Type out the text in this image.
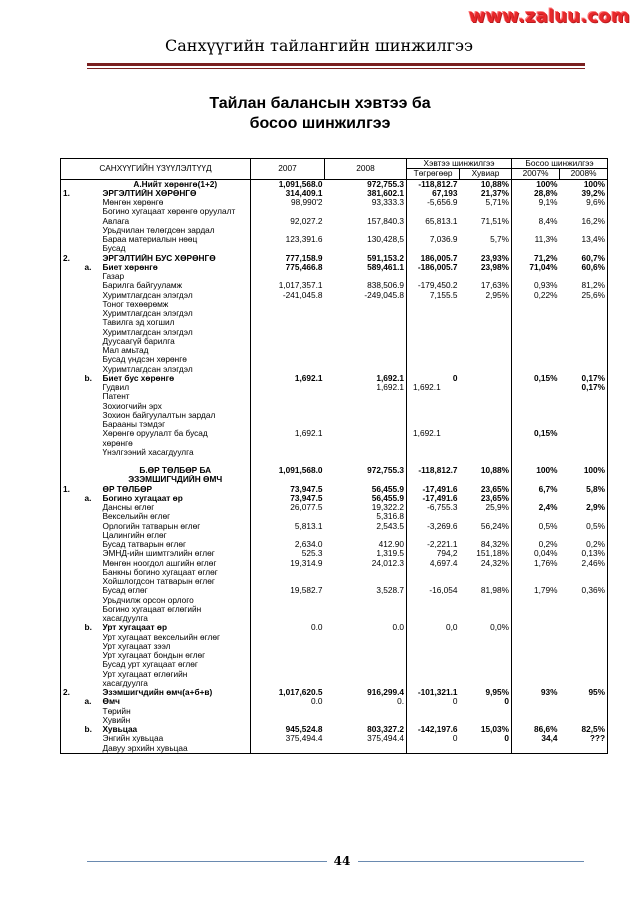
www.zaluu.com
Санхүүгийн тайлангийн шинжилгээ
Тайлан балансын хэвтээ ба
босоо шинжилгээ
САНХҮҮГИЙН ҮЗҮҮЛЭЛТҮҮД			2007	2008	Хэвтээ шинжилгээ		Босоо шинжилгээ	
					Төгрөгөөр	Хувиар	2007%	2008%
		А.Нийт хөрөнгө(1+2)	1,091,568.0	972,755.3	-118,812.7	10,88%	100%	100%
1.		ЭРГЭЛТИЙН ХӨРӨНГӨ	314,409.1	381,602.1	67,193	21,37%	28,8%	39,2%
		Мөнгөн хөрөнгө	98,990'2	93,333.3	-5,656.9	5,71%	9,1%	9,6%
		Богино хугацаат хөрөнгө оруулалт						
		Авлага	92,027.2	157,840.3	65,813.1	71,51%	8,4%	16,2%
		Урьдчилан төлөгдсөн зардал						
		Бараа материалын нөөц	123,391.6	130,428,5	7,036.9	5,7%	11,3%	13,4%
		Бусад						
2.		ЭРГЭЛТИЙН БУС ХӨРӨНГӨ	777,158.9	591,153.2	186,005.7	23,93%	71,2%	60,7%
	a.	Биет хөрөнгө	775,466.8	589,461.1	-186,005.7	23,98%	71,04%	60,6%
		Газар						
		Барилга байгууламж	1,017,357.1	838,506.9	-179,450.2	17,63%	0,93%	81,2%
		Хуримтлагдсан элэгдэл	-241,045.8	-249,045.8	7,155.5	2,95%	0,22%	25,6%
		Тоног төхөөрөмж						
		Хуримтлагдсан элэгдэл						
		Тавилга эд хогшил						
		Хуримтлагдсан элэгдэл						
		Дуусаагүй барилга						
		Мал амьтад						
		Бусад үндсэн хөрөнгө						
		Хуримтлагдсан элэгдэл						
	b.	Биет бус хөрөнгө	1,692.1	1,692.1	0		0,15%	0,17%
		Гудвил		1,692.1	1,692.1			0,17%
		Патент						
		Зохиогчийн эрх						
		Зохион байгуулалтын зардал						
		Барааны тэмдэг						
		Хөрөнгө оруулалт ба бусад	1,692.1		1,692.1		0,15%	
		хөрөнгө						
		Үнэлгээний хасагдуулга						

		Б.ӨР ТӨЛБӨР БА	1,091,568.0	972,755.3	-118,812.7	10,88%	100%	100%
		ЭЗЭМШИГЧДИЙН ӨМЧ						
1.		ӨР ТӨЛБӨР	73,947.5	56,455.9	-17,491.6	23,65%	6,7%	5,8%
	a.	Богино хугацаат өр	73,947.5	56,455.9	-17,491.6	23,65%		
		Дансны өглөг	26,077.5	19,322.2	-6,755.3	25,9%	2,4%	2,9%
		Вексельийн өглөг		5,316.8				
		Орлогийн татварын өглөг	5,813.1	2,543.5	-3,269.6	56,24%	0,5%	0,5%
		Цалингийн өглөг						
		Бусад татварын өглөг	2,634.0	412.90	-2,221.1	84,32%	0,2%	0,2%
		ЭМНД-ийн шимтгэлийн өглөг	525.3	1,319.5	794,2	151,18%	0,04%	0,13%
		Мөнгөн ноогдол ашгийн өглөг	19,314.9	24,012.3	4,697.4	24,32%	1,76%	2,46%
		Банкны богино хугацаат өглөг						
		Хойшлогдсон татварын өглөг						
		Бусад өглөг	19,582.7	3,528.7	-16,054	81,98%	1,79%	0,36%
		Урьдчилж орсон орлого						
		Богино хугацаат өглөгийн						
		хасагдуулга						
	b.	Урт хугацаат өр	0.0	0.0	0,0	0,0%		
		Урт хугацаат вексельийн өглөг						
		Урт хугацаат зээл						
		Урт хугацаат бондын өглөг						
		Бусад урт хугацаат өглөг						
		Урт хугацаат өглөгийн						
		хасагдуулга						
2.		Эзэмшигчдийн өмч(а+б+в)	1,017,620.5	916,299.4	-101,321.1	9,95%	93%	95%
	a.	Өмч	0.0	0.	0	0		
		Төрийн						
		Хувийн						
	b.	Хувьцаа	945,524.8	803,327.2	-142,197.6	15,03%	86,6%	82,5%
		Энгийн хувьцаа	375,494.4	375,494.4	0	0	34,4	???
		Давуу эрхийн хувьцаа						
44
